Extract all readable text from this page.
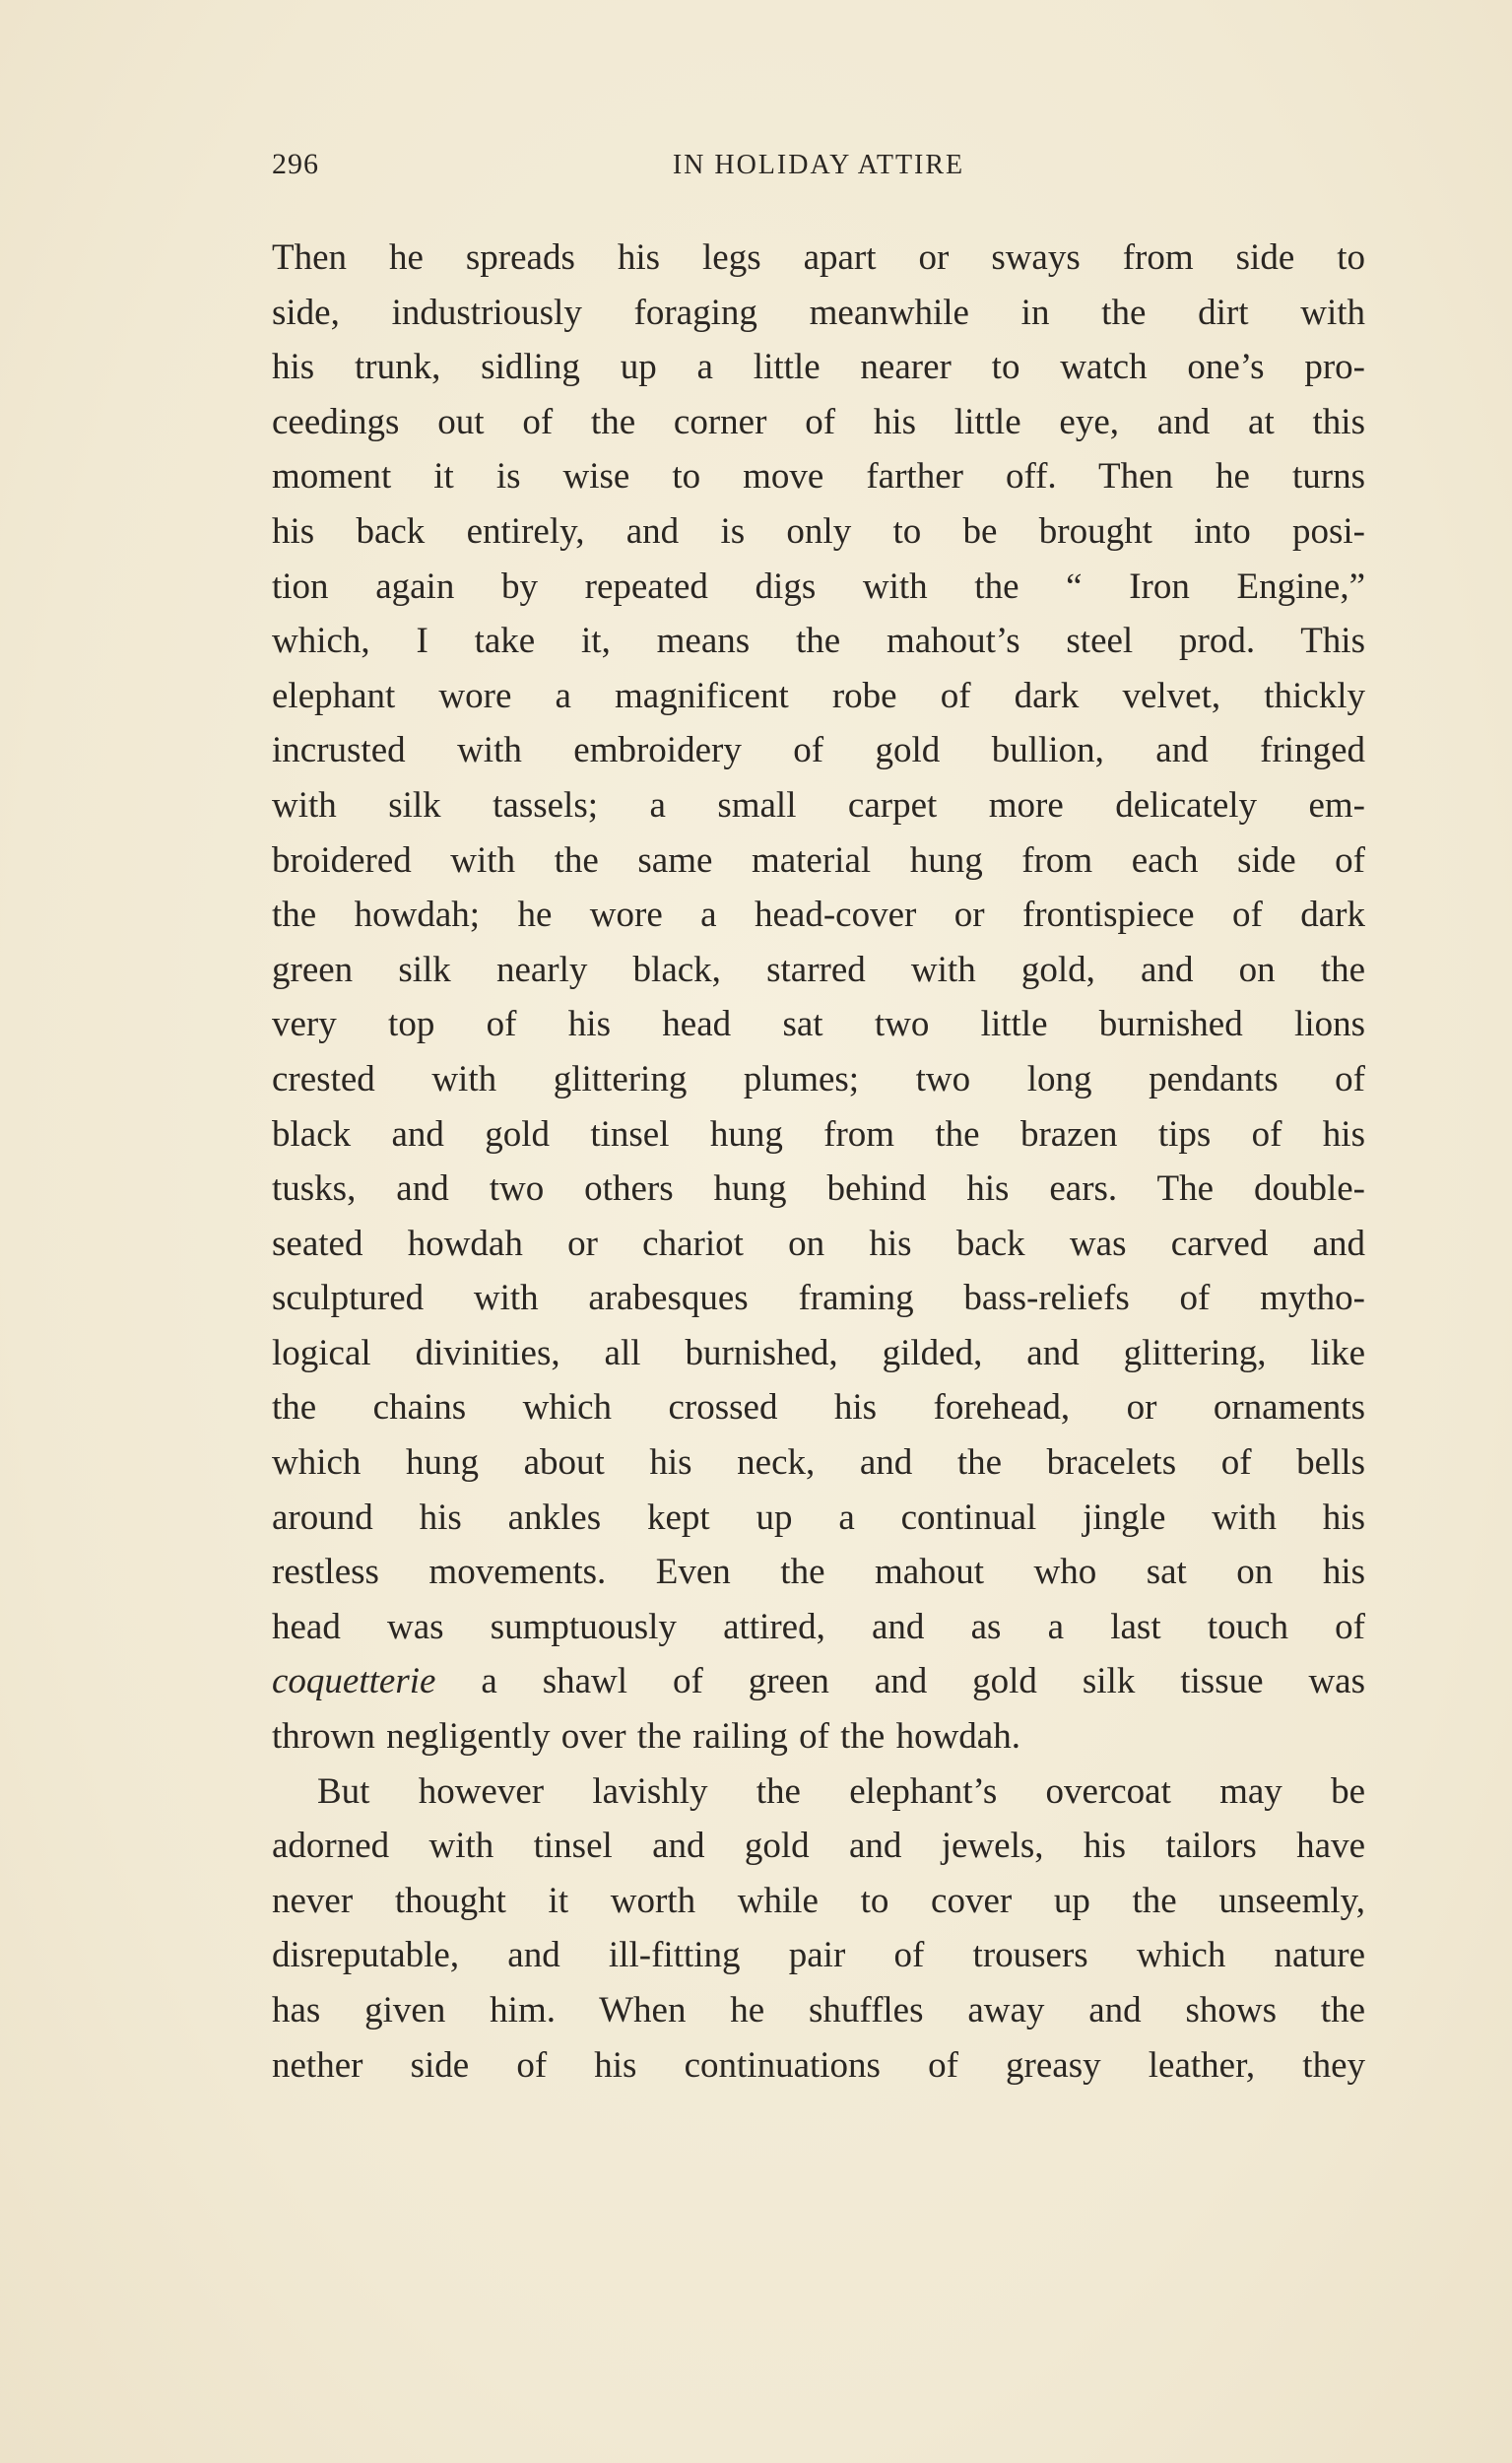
296	IN HOLIDAY ATTIRE
Then he spreads his legs apart or sways from side to
side, industriously foraging meanwhile in the dirt with
his trunk, sidling up a little nearer to watch one’s pro-
ceedings out of the corner of his little eye, and at this
moment it is wise to move farther off. Then he turns
his back entirely, and is only to be brought into posi-
tion again by repeated digs with the “ Iron Engine,”
which, I take it, means the mahout’s steel prod. This
elephant wore a magnificent robe of dark velvet, thickly
incrusted with embroidery of gold bullion, and fringed
with silk tassels; a small carpet more delicately em-
broidered with the same material hung from each side of
the howdah; he wore a head-cover or frontispiece of dark
green silk nearly black, starred with gold, and on the
very top of his head sat two little burnished lions
crested with glittering plumes; two long pendants of
black and gold tinsel hung from the brazen tips of his
tusks, and two others hung behind his ears. The double-
seated howdah or chariot on his back was carved and
sculptured with arabesques framing bass-reliefs of mytho-
logical divinities, all burnished, gilded, and glittering, like
the chains which crossed his forehead, or ornaments
which hung about his neck, and the bracelets of bells
around his ankles kept up a continual jingle with his
restless movements. Even the mahout who sat on his
head was sumptuously attired, and as a last touch of
coquetterie a shawl of green and gold silk tissue was
thrown negligently over the railing of the howdah.
But however lavishly the elephant’s overcoat may be
adorned with tinsel and gold and jewels, his tailors have
never thought it worth while to cover up the unseemly,
disreputable, and ill-fitting pair of trousers which nature
has given him. When he shuffles away and shows the
nether side of his continuations of greasy leather, they
